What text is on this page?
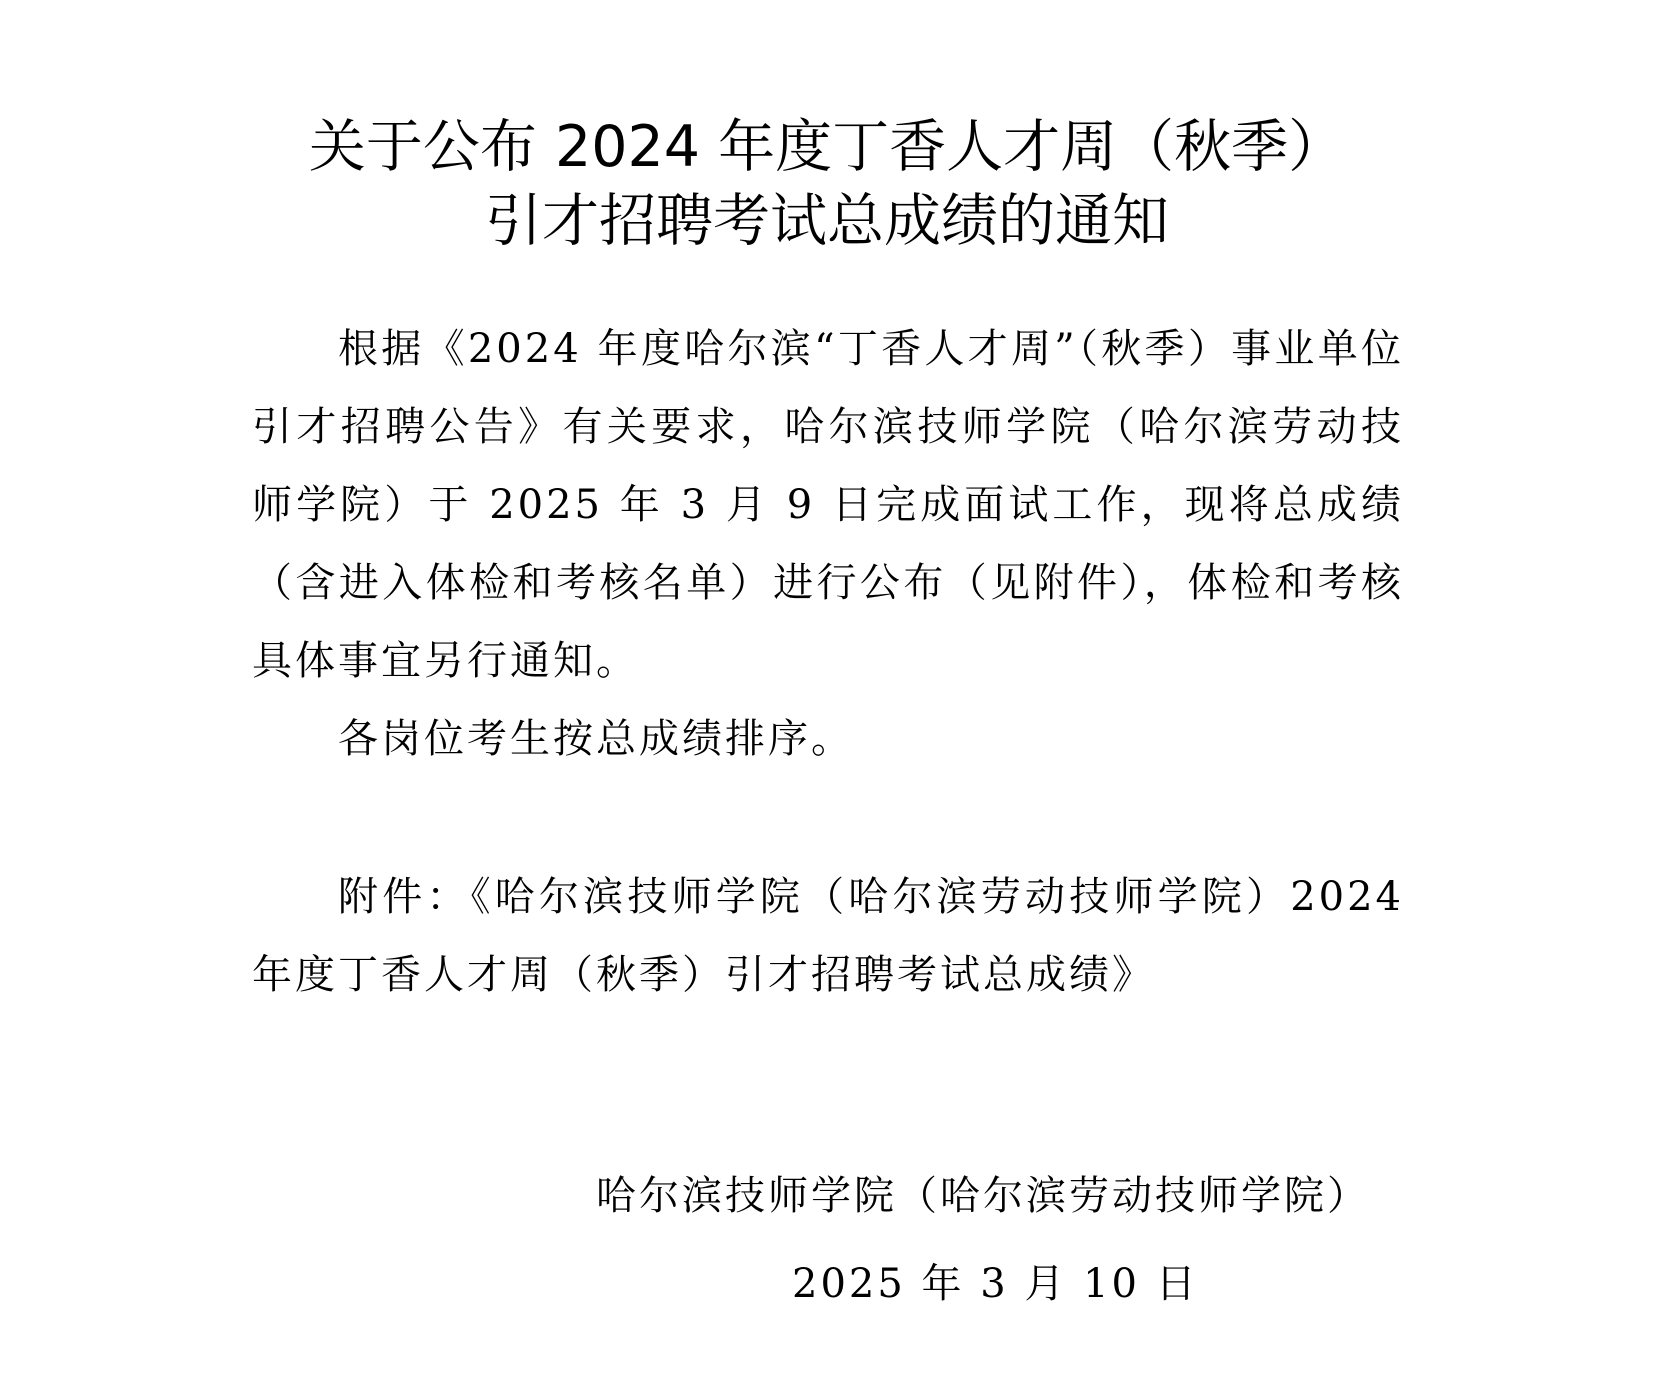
关于公布 2024 年度丁香人才周（秋季）
引才招聘考试总成绩的通知

根据《2024 年度哈尔滨“丁香人才周”（秋季）事业单位引才招聘公告》有关要求，哈尔滨技师学院（哈尔滨劳动技师学院）于 2025 年 3 月 9 日完成面试工作，现将总成绩（含进入体检和考核名单）进行公布（见附件），体检和考核具体事宜另行通知。

各岗位考生按总成绩排序。

附件：《哈尔滨技师学院（哈尔滨劳动技师学院）2024 年度丁香人才周（秋季）引才招聘考试总成绩》

哈尔滨技师学院（哈尔滨劳动技师学院）
2025 年 3 月 10 日
